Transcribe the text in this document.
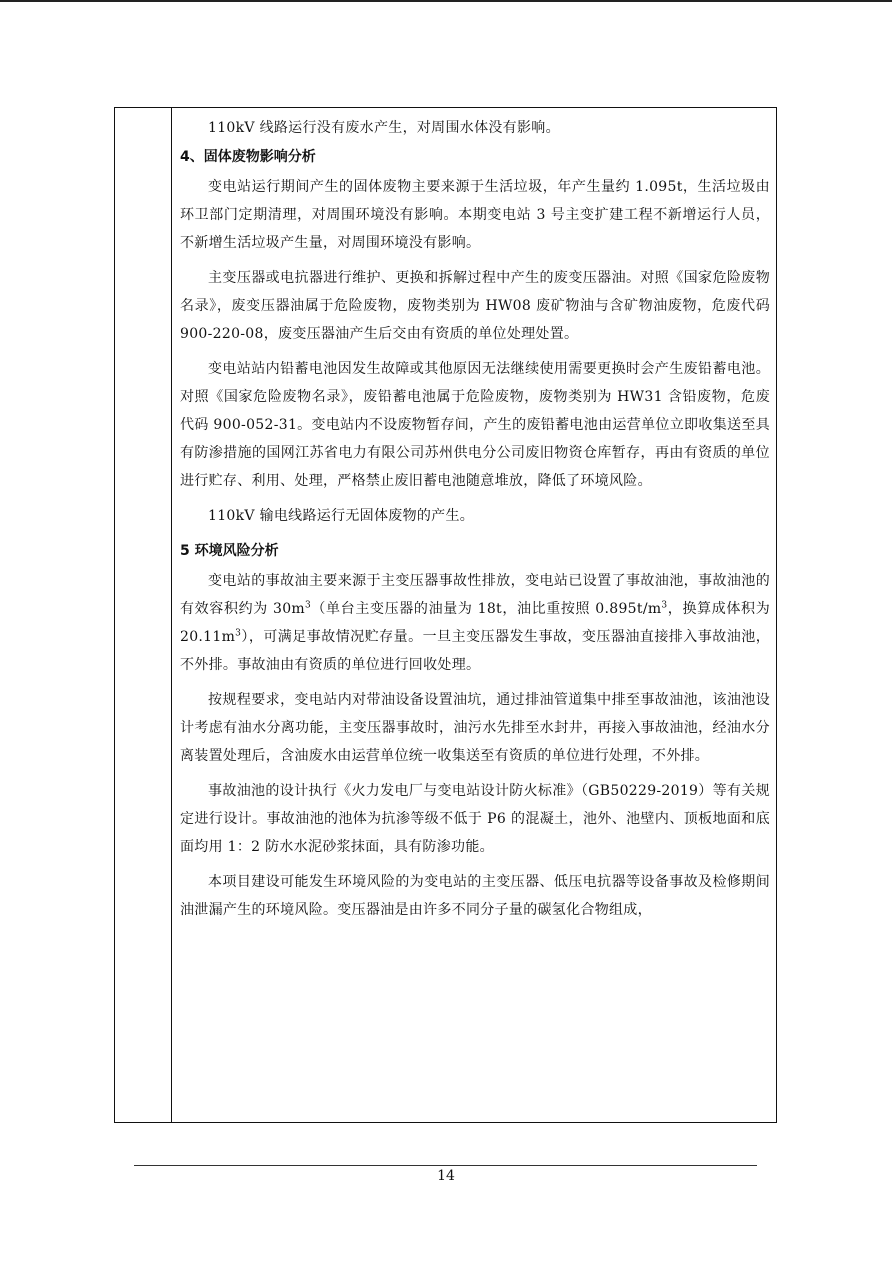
110kV 线路运行没有废水产生，对周围水体没有影响。

4、固体废物影响分析

变电站运行期间产生的固体废物主要来源于生活垃圾，年产生量约 1.095t，生活垃圾由环卫部门定期清理，对周围环境没有影响。本期变电站 3 号主变扩建工程不新增运行人员，不新增生活垃圾产生量，对周围环境没有影响。

主变压器或电抗器进行维护、更换和拆解过程中产生的废变压器油。对照《国家危险废物名录》，废变压器油属于危险废物，废物类别为 HW08 废矿物油与含矿物油废物，危废代码 900-220-08，废变压器油产生后交由有资质的单位处理处置。

变电站站内铅蓄电池因发生故障或其他原因无法继续使用需要更换时会产生废铅蓄电池。对照《国家危险废物名录》，废铅蓄电池属于危险废物，废物类别为 HW31 含铅废物，危废代码 900-052-31。变电站内不设废物暂存间，产生的废铅蓄电池由运营单位立即收集送至具有防渗措施的国网江苏省电力有限公司苏州供电分公司废旧物资仓库暂存，再由有资质的单位进行贮存、利用、处理，严格禁止废旧蓄电池随意堆放，降低了环境风险。

110kV 输电线路运行无固体废物的产生。

5 环境风险分析

变电站的事故油主要来源于主变压器事故性排放，变电站已设置了事故油池，事故油池的有效容积约为 $30m^3$（单台主变压器的油量为 18t，油比重按照 $0.895t/m^3$，换算成体积为 $20.11m^3$），可满足事故情况贮存量。一旦主变压器发生事故，变压器油直接排入事故油池，不外排。事故油由有资质的单位进行回收处理。

按规程要求，变电站内对带油设备设置油坑，通过排油管道集中排至事故油池，该油池设计考虑有油水分离功能，主变压器事故时，油污水先排至水封井，再接入事故油池，经油水分离装置处理后，含油废水由运营单位统一收集送至有资质的单位进行处理，不外排。

事故油池的设计执行《火力发电厂与变电站设计防火标准》（GB50229-2019）等有关规定进行设计。事故油池的池体为抗渗等级不低于 P6 的混凝土，池外、池壁内、顶板地面和底面均用 1：2 防水水泥砂浆抹面，具有防渗功能。

本项目建设可能发生环境风险的为变电站的主变压器、低压电抗器等设备事故及检修期间油泄漏产生的环境风险。变压器油是由许多不同分子量的碳氢化合物组成，

14
